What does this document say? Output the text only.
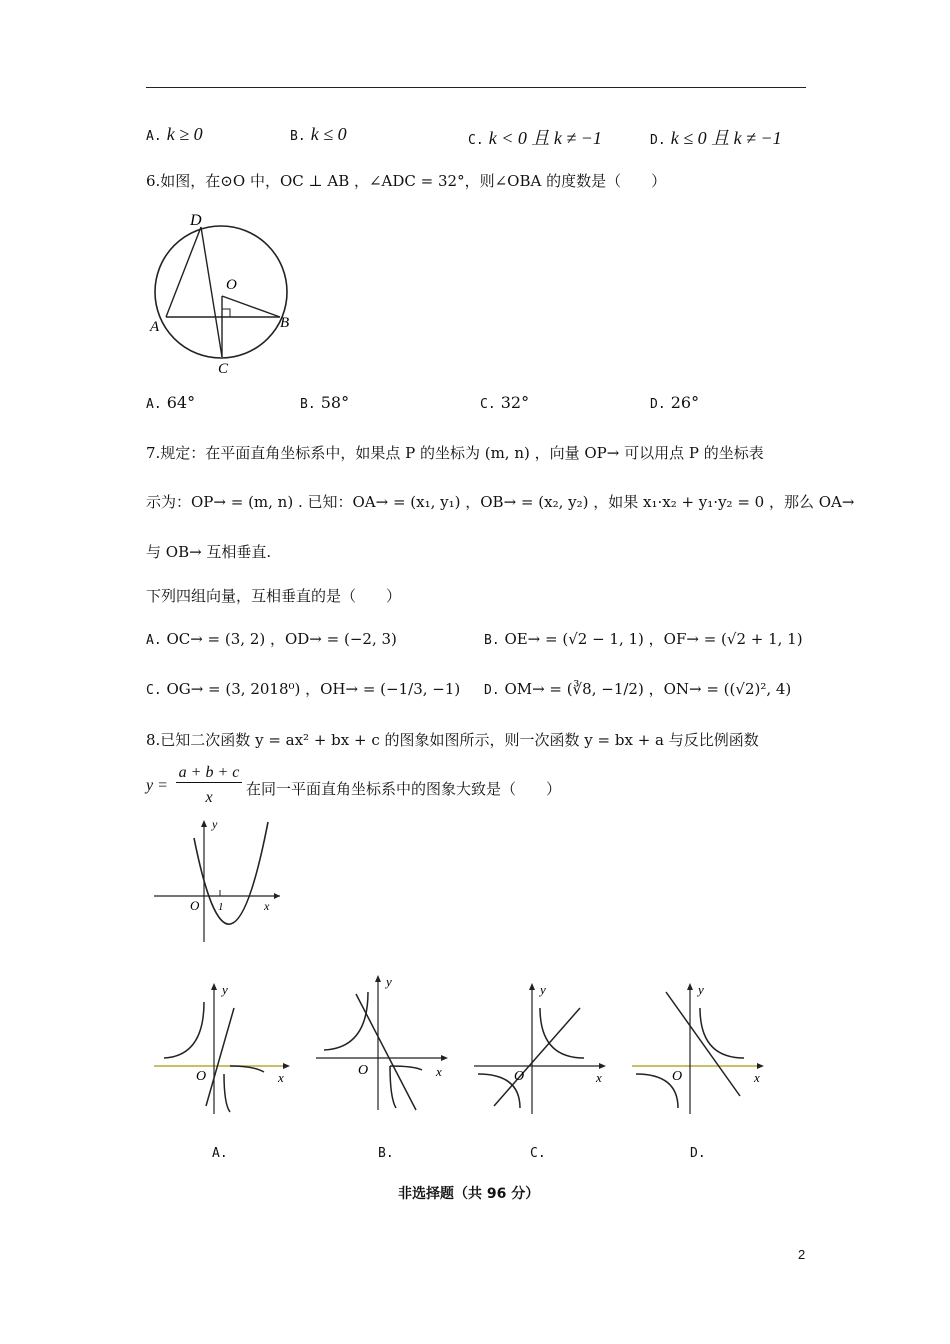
A. k ≥ 0	B. k ≤ 0	C. k < 0 且 k ≠ −1	D. k ≤ 0 且 k ≠ −1
6.如图，在⊙O 中，OC ⊥ AB ，∠ADC = 32°，则∠OBA 的度数是（　　）
D
O
A	B
C
A. 64°	B. 58°	C. 32°	D. 26°
7.规定：在平面直角坐标系中，如果点 P 的坐标为 (m, n) ，向量 OP→ 可以用点 P 的坐标表
示为：OP→ = (m, n) . 已知：OA→ = (x₁, y₁) ，OB→ = (x₂, y₂) ，如果 x₁·x₂ + y₁·y₂ = 0 ，那么 OA→
与 OB→ 互相垂直.
下列四组向量，互相垂直的是（　　）
A. OC→ = (3, 2) ，OD→ = (−2, 3)	B. OE→ = (√2 − 1, 1) ，OF→ = (√2 + 1, 1)
C. OG→ = (3, 2018⁰) ，OH→ = (−1/3, −1) D. OM→ = (∛8, −1/2) ，ON→ = ((√2)², 4)
8.已知二次函数 y = ax² + bx + c 的图象如图所示，则一次函数 y = bx + a 与反比例函数
y =
a + b + c
x	在同一平面直角坐标系中的图象大致是（　　）
y
x
O 1
y
x
O
y
x
O
y
x
O
y
x
O
A.	B.	C.	D.
非选择题（共 96 分）
2
